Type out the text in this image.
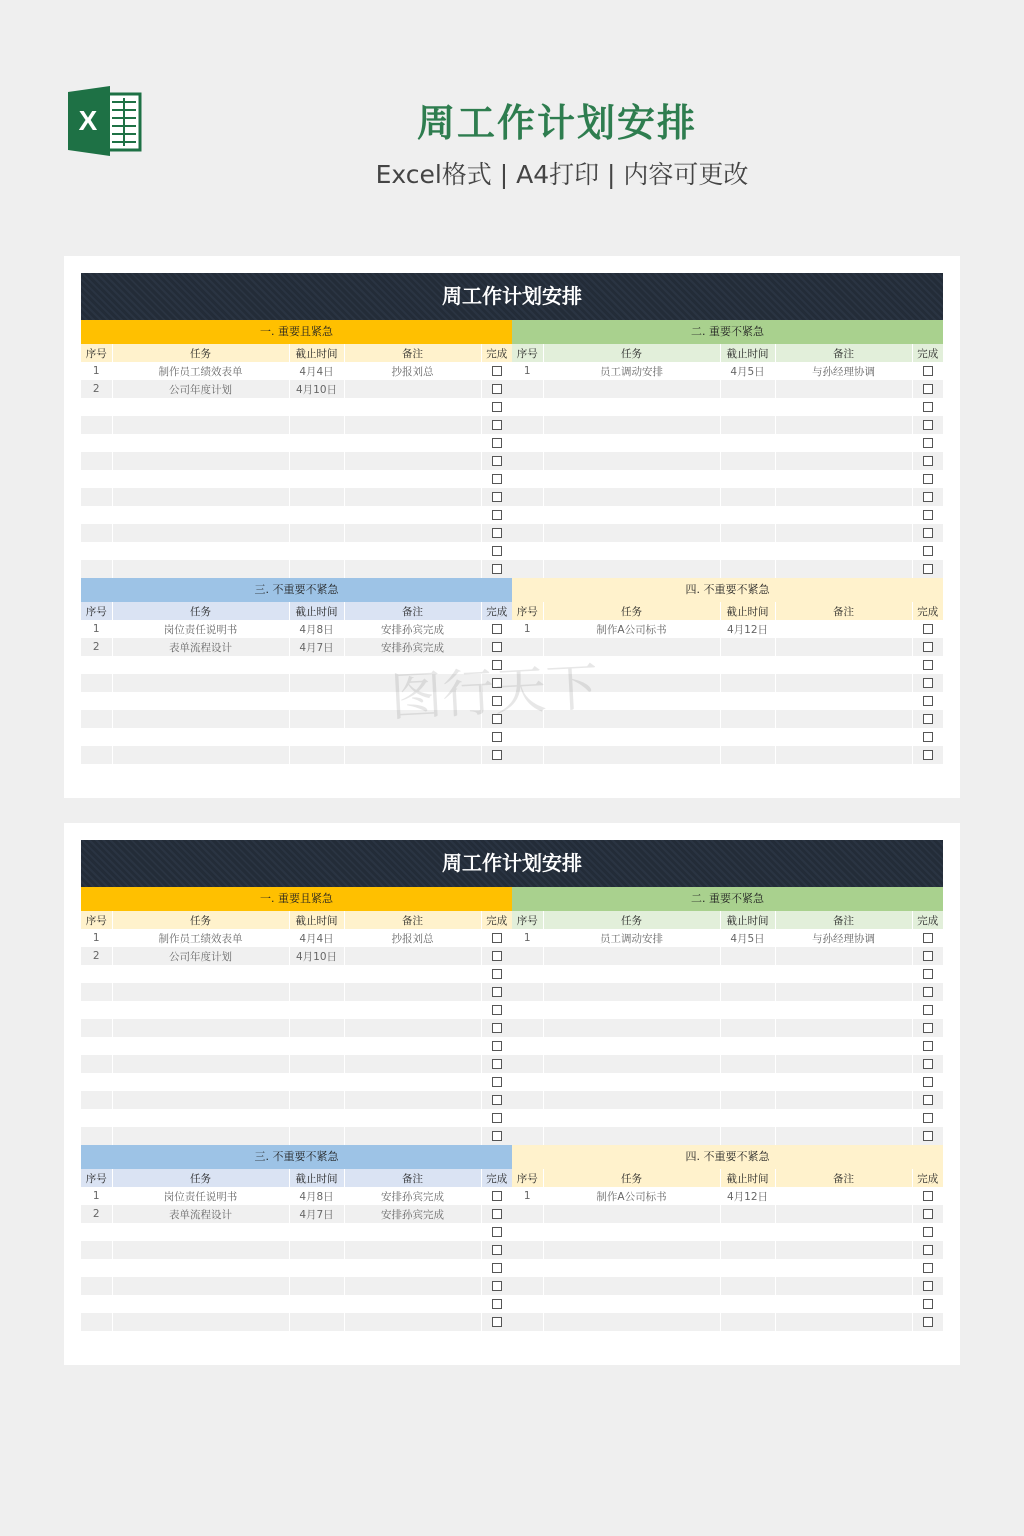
X	周工作计划安排
Excel格式 | A4打印 | 内容可更改
周工作计划安排
一. 重要且紧急
序号	任务	截止时间	备注	完成
1	制作员工绩效表单	4月4日	抄报刘总	
2	公司年度计划	4月10日		

二. 重要不紧急
序号	任务	截止时间	备注	完成
1	员工调动安排	4月5日	与孙经理协调	

三. 不重要不紧急
序号	任务	截止时间	备注	完成
1	岗位责任说明书	4月8日	安排孙宾完成	
2	表单流程设计	4月7日	安排孙宾完成	

四. 不重要不紧急
序号	任务	截止时间	备注	完成
1	制作A公司标书	4月12日		

周工作计划安排
一. 重要且紧急
序号	任务	截止时间	备注	完成
1	制作员工绩效表单	4月4日	抄报刘总	
2	公司年度计划	4月10日		

二. 重要不紧急
序号	任务	截止时间	备注	完成
1	员工调动安排	4月5日	与孙经理协调	

三. 不重要不紧急
序号	任务	截止时间	备注	完成
1	岗位责任说明书	4月8日	安排孙宾完成	
2	表单流程设计	4月7日	安排孙宾完成	

四. 不重要不紧急
序号	任务	截止时间	备注	完成
1	制作A公司标书	4月12日		
